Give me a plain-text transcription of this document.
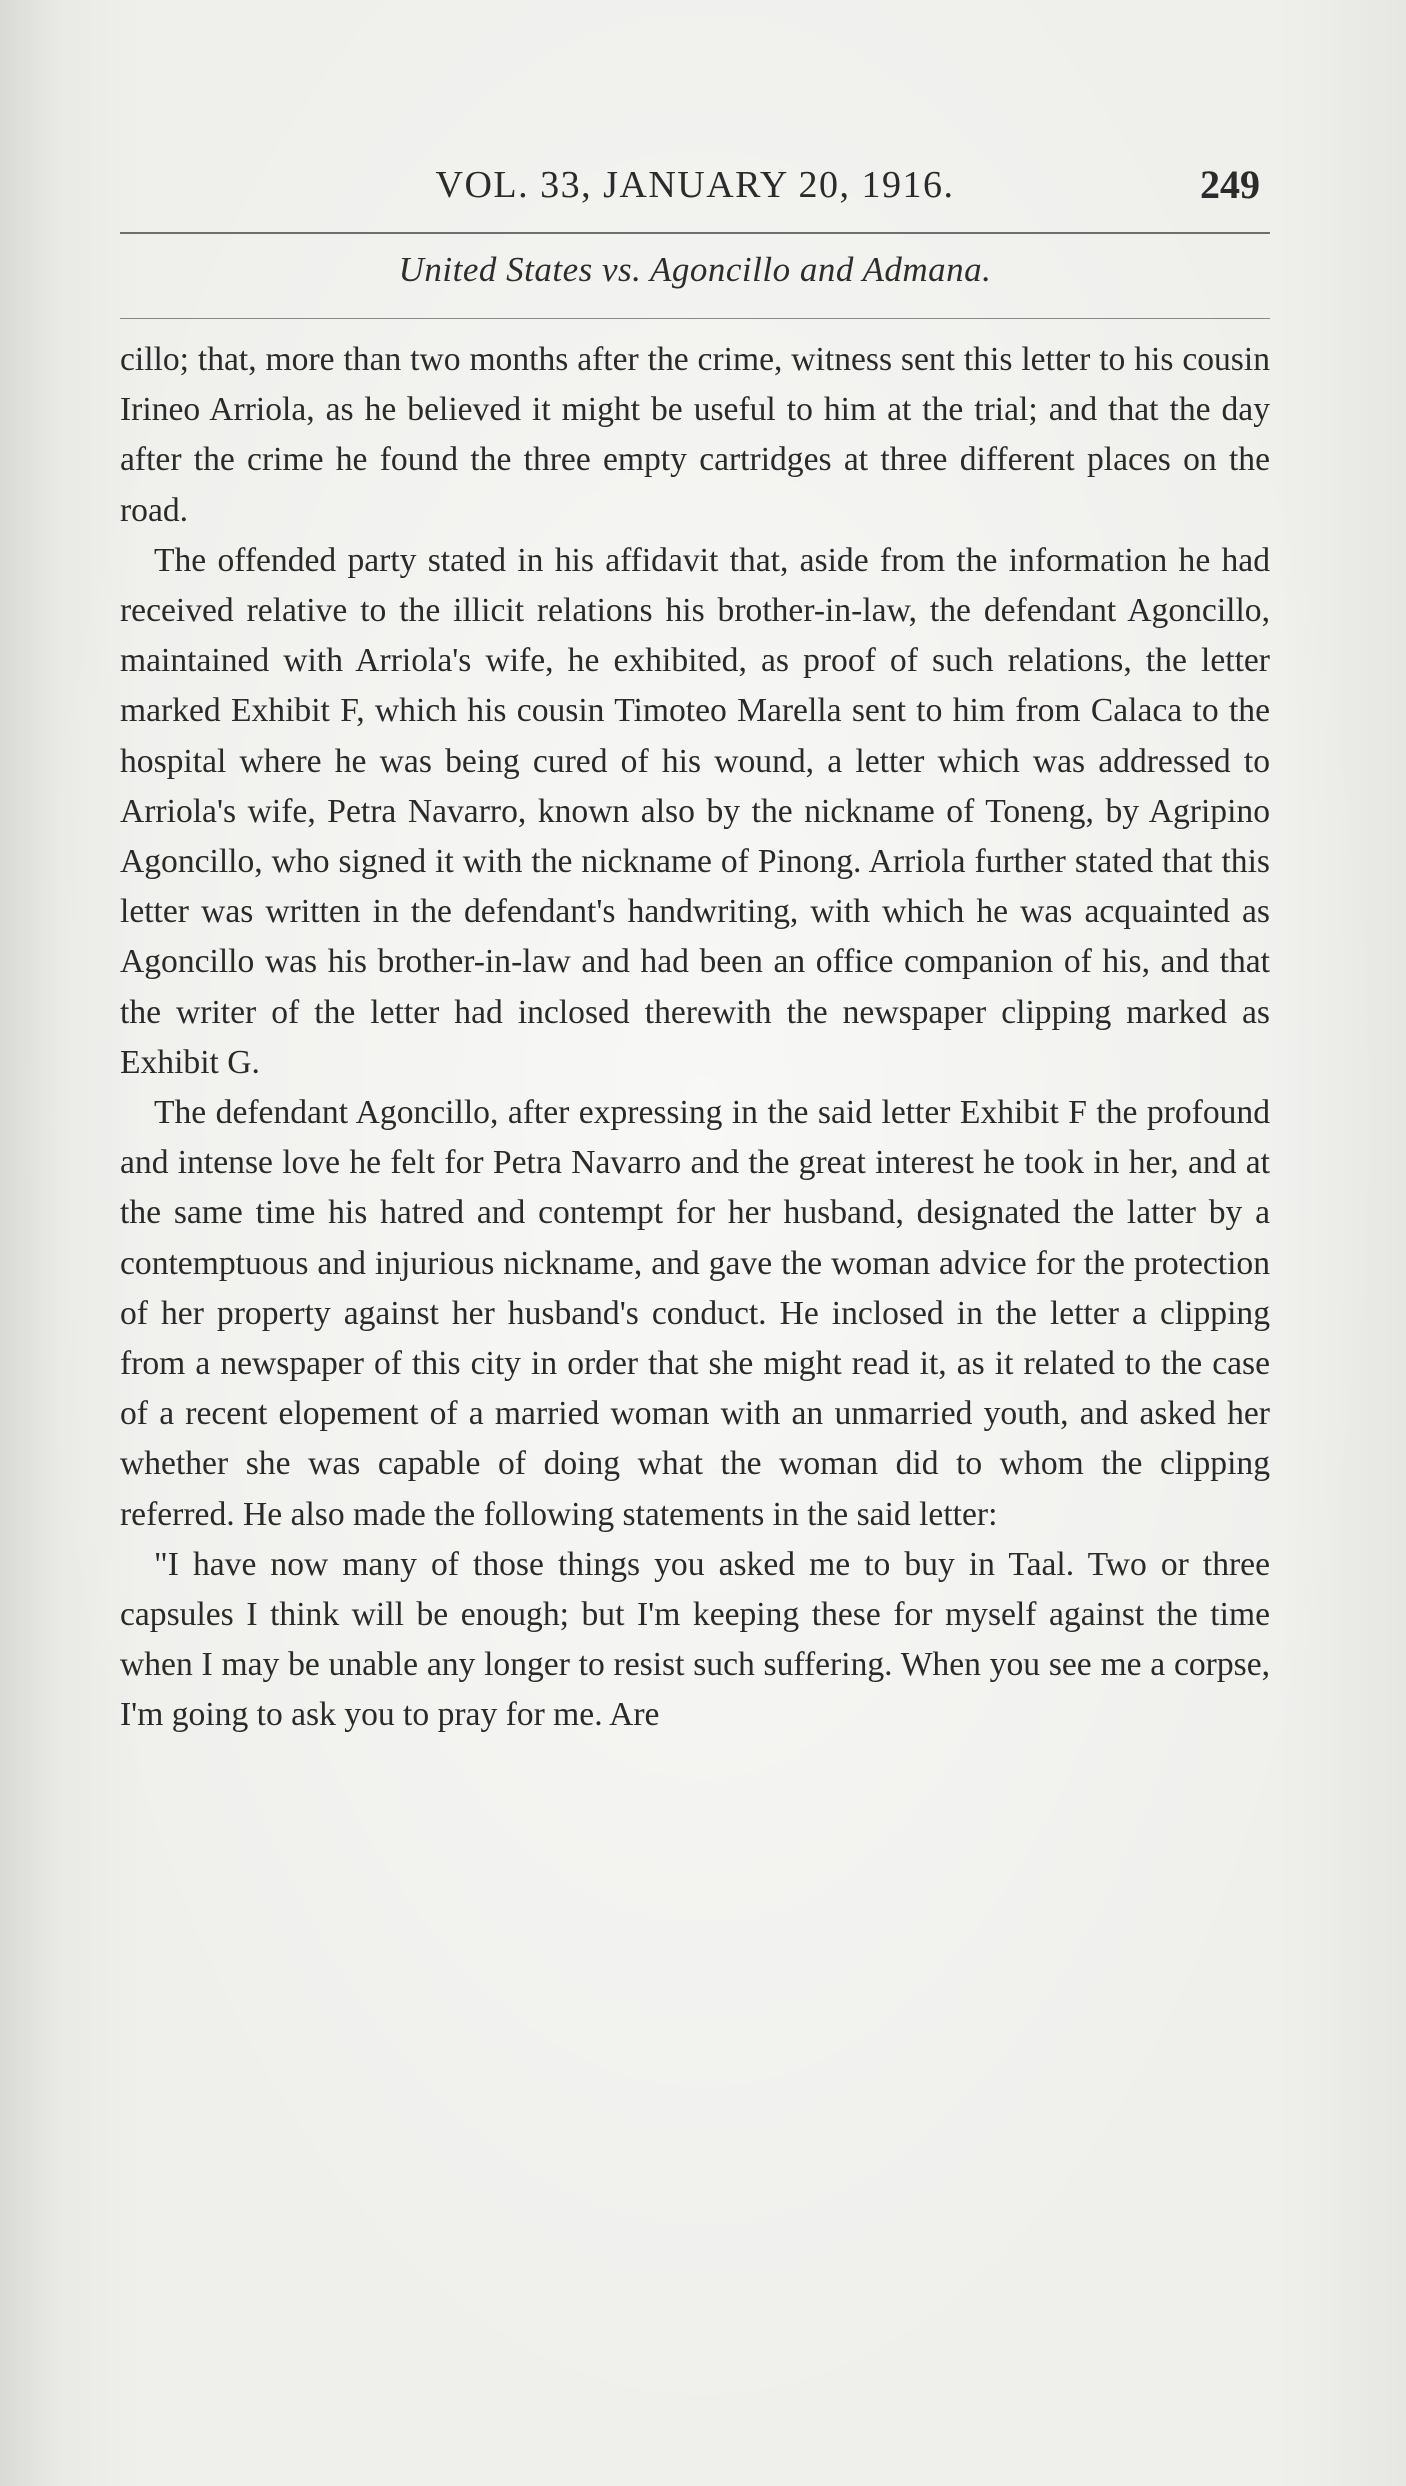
VOL. 33, JANUARY 20, 1916.	249
United States vs. Agoncillo and Admana.

cillo; that, more than two months after the crime, witness sent this letter to his cousin Irineo Arriola, as he believed it might be useful to him at the trial; and that the day after the crime he found the three empty cartridges at three different places on the road.

The offended party stated in his affidavit that, aside from the information he had received relative to the illicit relations his brother-in-law, the defendant Agoncillo, maintained with Arriola's wife, he exhibited, as proof of such relations, the letter marked Exhibit F, which his cousin Timoteo Marella sent to him from Calaca to the hospital where he was being cured of his wound, a letter which was addressed to Arriola's wife, Petra Navarro, known also by the nickname of Toneng, by Agripino Agoncillo, who signed it with the nickname of Pinong. Arriola further stated that this letter was written in the defendant's handwriting, with which he was acquainted as Agoncillo was his brother-in-law and had been an office companion of his, and that the writer of the letter had inclosed therewith the newspaper clipping marked as Exhibit G.

The defendant Agoncillo, after expressing in the said letter Exhibit F the profound and intense love he felt for Petra Navarro and the great interest he took in her, and at the same time his hatred and contempt for her husband, designated the latter by a contemptuous and injurious nickname, and gave the woman advice for the protection of her property against her husband's conduct. He inclosed in the letter a clipping from a newspaper of this city in order that she might read it, as it related to the case of a recent elopement of a married woman with an unmarried youth, and asked her whether she was capable of doing what the woman did to whom the clipping referred. He also made the following statements in the said letter:

"I have now many of those things you asked me to buy in Taal. Two or three capsules I think will be enough; but I'm keeping these for myself against the time when I may be unable any longer to resist such suffering. When you see me a corpse, I'm going to ask you to pray for me. Are
